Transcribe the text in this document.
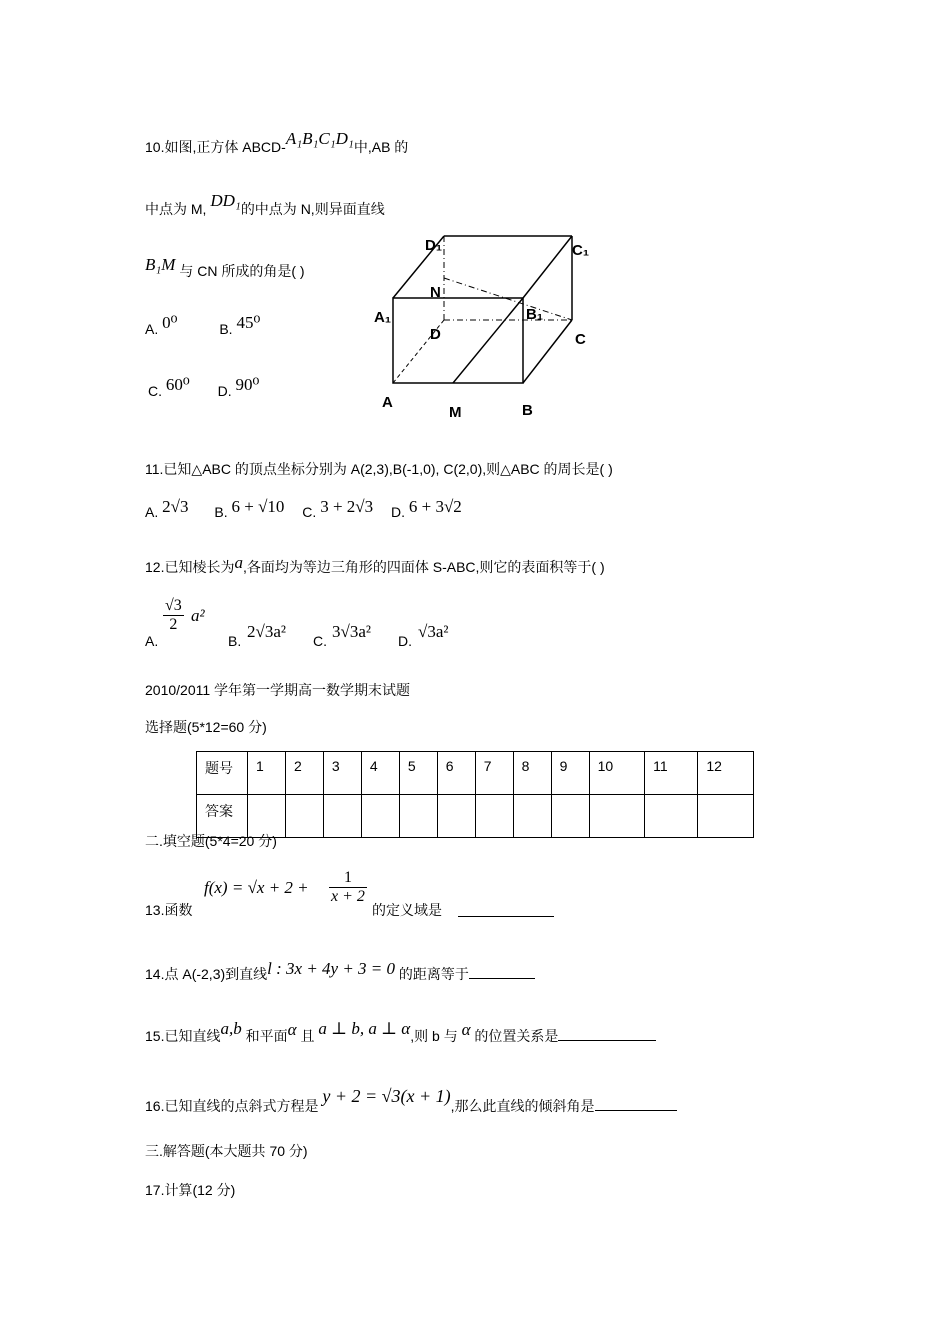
10.如图,正方体 ABCD-A₁B₁C₁D₁中,AB 的
中点为 M, DD₁的中点为 N,则异面直线
B₁M 与 CN 所成的角是( )
A. 0⁰	B. 45⁰
C. 60⁰ D. 90⁰
D₁	C₁
N
A₁	B₁
D	C
A
M	B
11.已知△ABC 的顶点坐标分别为 A(2,3),B(-1,0), C(2,0),则△ABC 的周长是( )
A. 2√3 B. 6 + √10 C. 3 + 2√3 D. 6 + 3√2
12.已知棱长为a,各面均为等边三角形的四面体 S-ABC,则它的表面积等于( )
A.
$\frac{√3}{2} a^2$
B. 2√3a² C. 3√3a² D. √3a²
2010/2011 学年第一学期高一数学期末试题
选择题(5*12=60 分)
题号	1	2	3	4	5	6	7	8	9	10	11	12
答案												
二.填空题(5*4=20 分)
13.函数
$f(x) = √x + 2 + \frac{1}{x + 2}$
的定义域是
14.点 A(-2,3)到直线l : 3x + 4y + 3 = 0 的距离等于
15.已知直线a,b 和平面α 且 a ⊥ b, a ⊥ α,则 b 与 α 的位置关系是
16.已知直线的点斜式方程是 y + 2 = √3(x + 1),那么此直线的倾斜角是
三.解答题(本大题共 70 分)
17.计算(12 分)
